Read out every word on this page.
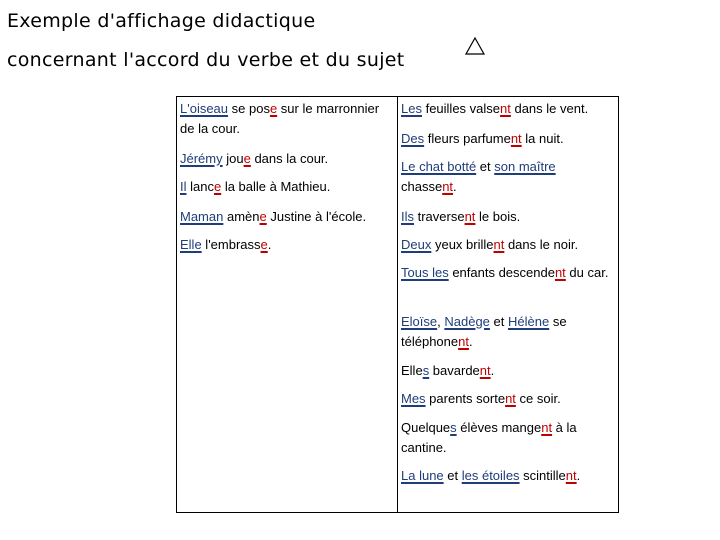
Exemple d'affichage didactique
concernant l'accord du verbe et du sujet
L'oiseau se pose sur le marronnier de la cour.
Jérémy joue dans la cour.
Il lance la balle à Mathieu.
Maman amène Justine à l'école.
Elle l'embrasse.
Les feuilles valsent dans le vent.
Des fleurs parfument la nuit.
Le chat botté et son maître chassent.
Ils traversent le bois.
Deux yeux brillent dans le noir.
Tous les enfants descendent du car.
Eloïse, Nadège et Hélène se téléphonent.
Elles bavardent.
Mes parents sortent ce soir.
Quelques élèves mangent à la cantine.
La lune et les étoiles scintillent.
